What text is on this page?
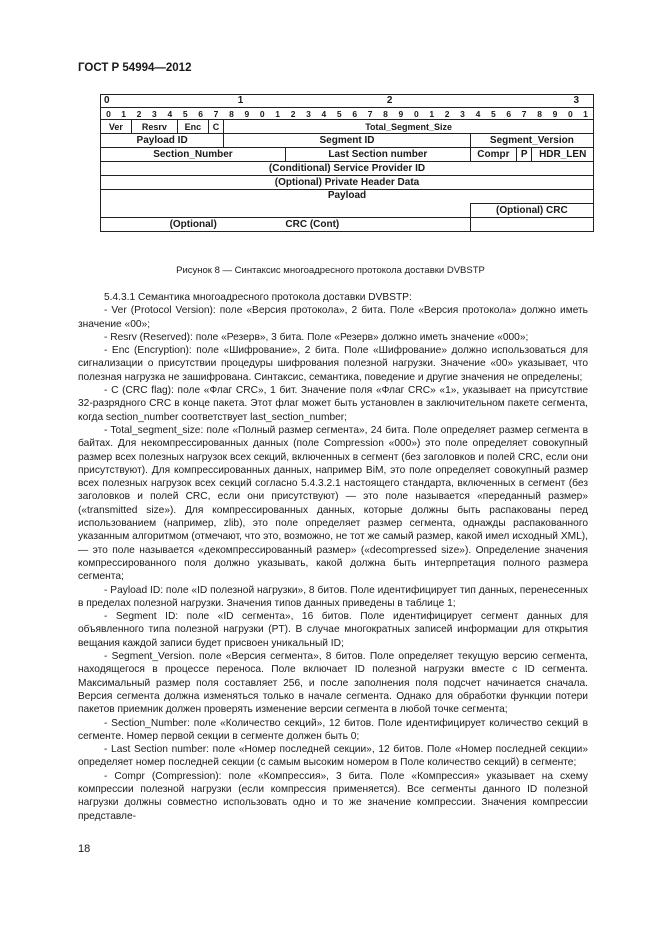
ГОСТ Р 54994—2012
0								1										2										3			
0	1	2	3	4	5	6	7	8	9	0	1	2	3	4	5	6	7	8	9	0	1	2	3	4	5	6	7	8	9	0	1
Ver		Resrv			Enc		C	Total_Segment_Size																							
Payload ID								Segment ID																Segment_Version							
Section_Number												Last Section number												Compr			P	HDR_LEN			
(Conditional) Service Provider ID																															
(Optional) Private Header Data																															
Payload																															

																								(Optional) CRC							
(Optional)												CRC (Cont)																			
Рисунок 8 — Синтаксис многоадресного протокола доставки DVBSTP

5.4.3.1 Семантика многоадресного протокола доставки DVBSTP:

- Ver (Protocol Version): поле «Версия протокола», 2 бита. Поле «Версия протокола» должно иметь значение «00»;

- Resrv (Reserved): поле «Резерв», 3 бита. Поле «Резерв» должно иметь значение «000»;

- Enc (Encryption): поле «Шифрование», 2 бита. Поле «Шифрование» должно использоваться для сигнализации о присутствии процедуры шифрования полезной нагрузки. Значение «00» указывает, что полезная нагрузка не зашифрована. Синтаксис, семантика, поведение и другие значения не определены;

- C (CRC flag): поле «Флаг CRC», 1 бит. Значение поля «Флаг CRC» «1», указывает на присутствие 32-разрядного CRC в конце пакета. Этот флаг может быть установлен в заключительном пакете сегмента, когда section_number соответствует last_section_number;

- Total_segment_size: поле «Полный размер сегмента», 24 бита. Поле определяет размер сегмента в байтах. Для некомпрессированных данных (поле Compression «000») это поле определяет совокупный размер всех полезных нагрузок всех секций, включенных в сегмент (без заголовков и полей CRC, если они присутствуют). Для компрессированных данных, например BiM, это поле определяет совокупный размер всех полезных нагрузок всех секций согласно 5.4.3.2.1 настоящего стандарта, включенных в сегмент (без заголовков и полей CRC, если они присутствуют) — это поле называется «переданный размер» («transmitted size»). Для компрессированных данных, которые должны быть распакованы перед использованием (например, zlib), это поле определяет размер сегмента, однажды распакованного указанным алгоритмом (отмечают, что это, возможно, не тот же самый размер, какой имел исходный XML), — это поле называется «декомпрессированный размер» («decompressed size»). Определение значения компрессированного поля должно указывать, какой должна быть интерпретация полного размера сегмента;

- Payload ID: поле «ID полезной нагрузки», 8 битов. Поле идентифицирует тип данных, перенесенных в пределах полезной нагрузки. Значения типов данных приведены в таблице 1;

- Segment ID: поле «ID сегмента», 16 битов. Поле идентифицирует сегмент данных для объявленного типа полезной нагрузки (PT). В случае многократных записей информации для открытия вещания каждой записи будет присвоен уникальный ID;

- Segment_Version. поле «Версия сегмента», 8 битов. Поле определяет текущую версию сегмента, находящегося в процессе переноса. Поле включает ID полезной нагрузки вместе с ID сегмента. Максимальный размер поля составляет 256, и после заполнения поля подсчет начинается сначала. Версия сегмента должна изменяться только в начале сегмента. Однако для обработки функции потери пакетов приемник должен проверять изменение версии сегмента в любой точке сегмента;

- Section_Number: поле «Количество секций», 12 битов. Поле идентифицирует количество секций в сегменте. Номер первой секции в сегменте должен быть 0;

- Last Section number: поле «Номер последней секции», 12 битов. Поле «Номер последней секции» определяет номер последней секции (с самым высоким номером в Поле количество секций) в сегменте;

- Compr (Compression): поле «Компрессия», 3 бита. Поле «Компрессия» указывает на схему компрессии полезной нагрузки (если компрессия применяется). Все сегменты данного ID полезной нагрузки должны совместно использовать одно и то же значение компрессии. Значения компрессии представле-

18
